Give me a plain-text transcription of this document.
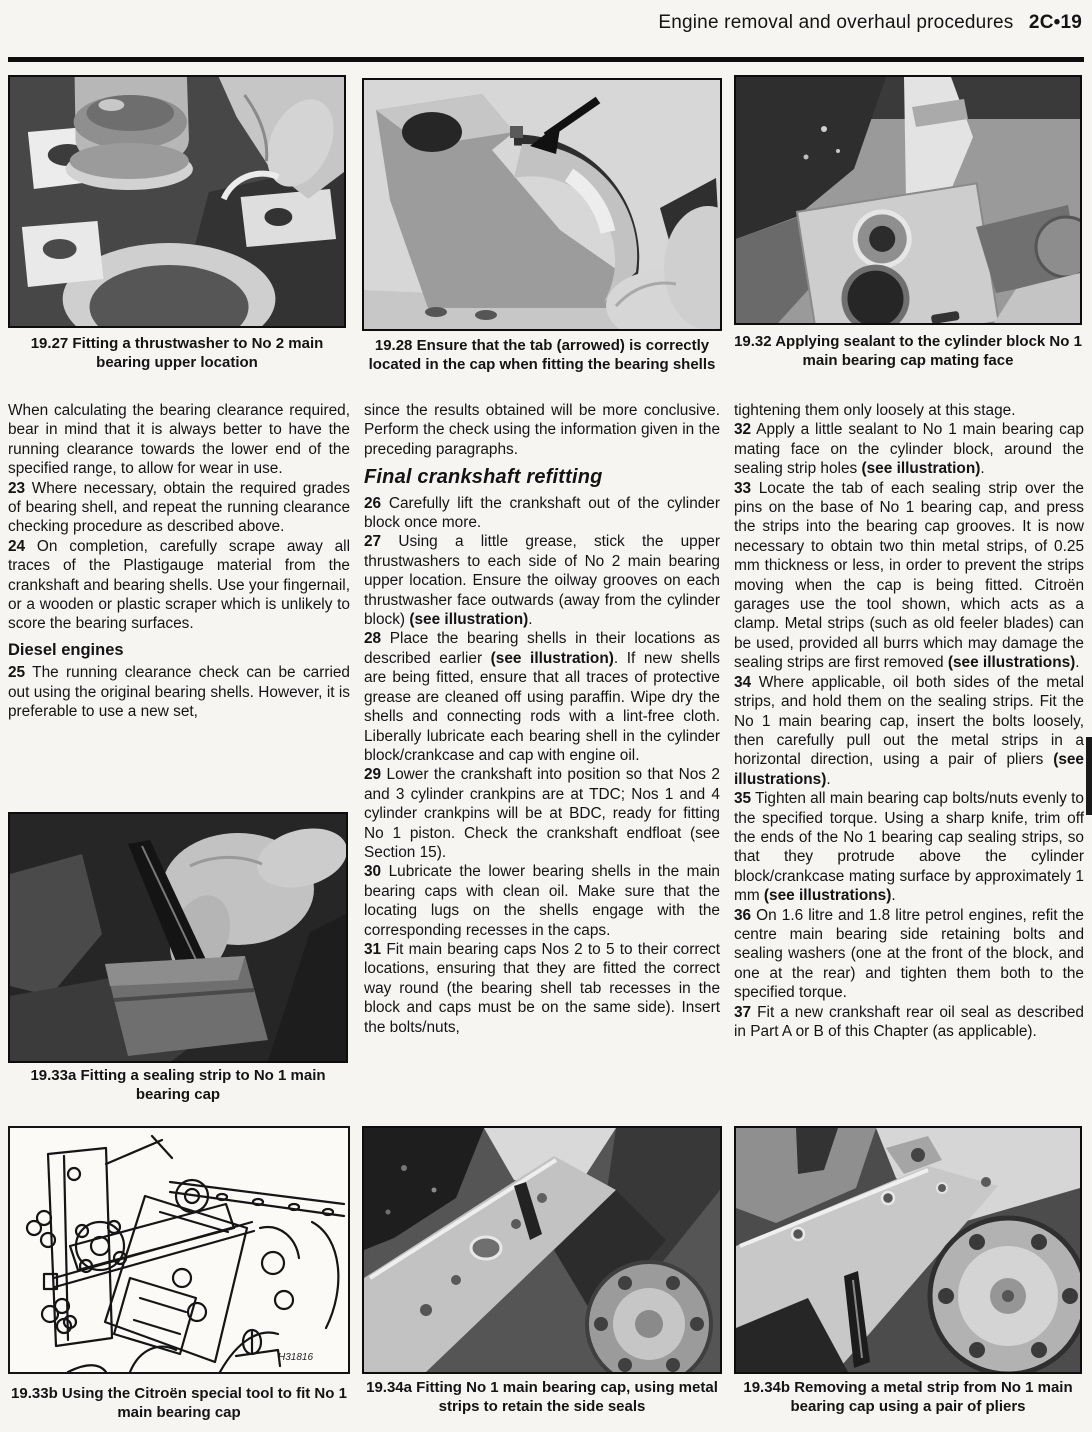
Engine removal and overhaul procedures 2C•19
19.27 Fitting a thrustwasher to No 2 main bearing upper location
19.28 Ensure that the tab (arrowed) is correctly located in the cap when fitting the bearing shells
19.32 Applying sealant to the cylinder block No 1 main bearing cap mating face

When calculating the bearing clearance required, bear in mind that it is always better to have the running clearance towards the lower end of the specified range, to allow for wear in use.

23 Where necessary, obtain the required grades of bearing shell, and repeat the running clearance checking procedure as described above.

24 On completion, carefully scrape away all traces of the Plastigauge material from the crankshaft and bearing shells. Use your fingernail, or a wooden or plastic scraper which is unlikely to score the bearing surfaces.

Diesel engines

25 The running clearance check can be carried out using the original bearing shells. However, it is preferable to use a new set,

since the results obtained will be more conclusive. Perform the check using the information given in the preceding paragraphs.

Final crankshaft refitting

26 Carefully lift the crankshaft out of the cylinder block once more.

27 Using a little grease, stick the upper thrustwashers to each side of No 2 main bearing upper location. Ensure the oilway grooves on each thrustwasher face outwards (away from the cylinder block) (see illustration).

28 Place the bearing shells in their locations as described earlier (see illustration). If new shells are being fitted, ensure that all traces of protective grease are cleaned off using paraffin. Wipe dry the shells and connecting rods with a lint-free cloth. Liberally lubricate each bearing shell in the cylinder block/crankcase and cap with engine oil.

29 Lower the crankshaft into position so that Nos 2 and 3 cylinder crankpins are at TDC; Nos 1 and 4 cylinder crankpins will be at BDC, ready for fitting No 1 piston. Check the crankshaft endfloat (see Section 15).

30 Lubricate the lower bearing shells in the main bearing caps with clean oil. Make sure that the locating lugs on the shells engage with the corresponding recesses in the caps.

31 Fit main bearing caps Nos 2 to 5 to their correct locations, ensuring that they are fitted the correct way round (the bearing shell tab recesses in the block and caps must be on the same side). Insert the bolts/nuts,

tightening them only loosely at this stage.

32 Apply a little sealant to No 1 main bearing cap mating face on the cylinder block, around the sealing strip holes (see illustration).

33 Locate the tab of each sealing strip over the pins on the base of No 1 bearing cap, and press the strips into the bearing cap grooves. It is now necessary to obtain two thin metal strips, of 0.25 mm thickness or less, in order to prevent the strips moving when the cap is being fitted. Citroën garages use the tool shown, which acts as a clamp. Metal strips (such as old feeler blades) can be used, provided all burrs which may damage the sealing strips are first removed (see illustrations).

34 Where applicable, oil both sides of the metal strips, and hold them on the sealing strips. Fit the No 1 main bearing cap, insert the bolts loosely, then carefully pull out the metal strips in a horizontal direction, using a pair of pliers (see illustrations).

35 Tighten all main bearing cap bolts/nuts evenly to the specified torque. Using a sharp knife, trim off the ends of the No 1 bearing cap sealing strips, so that they protrude above the cylinder block/crankcase mating surface by approximately 1 mm (see illustrations).

36 On 1.6 litre and 1.8 litre petrol engines, refit the centre main bearing side retaining bolts and sealing washers (one at the front of the block, and one at the rear) and tighten them both to the specified torque.

37 Fit a new crankshaft rear oil seal as described in Part A or B of this Chapter (as applicable).

19.33a Fitting a sealing strip to No 1 main bearing cap
H31816
19.33b Using the Citroën special tool to fit No 1 main bearing cap
19.34a Fitting No 1 main bearing cap, using metal strips to retain the side seals
19.34b Removing a metal strip from No 1 main bearing cap using a pair of pliers
